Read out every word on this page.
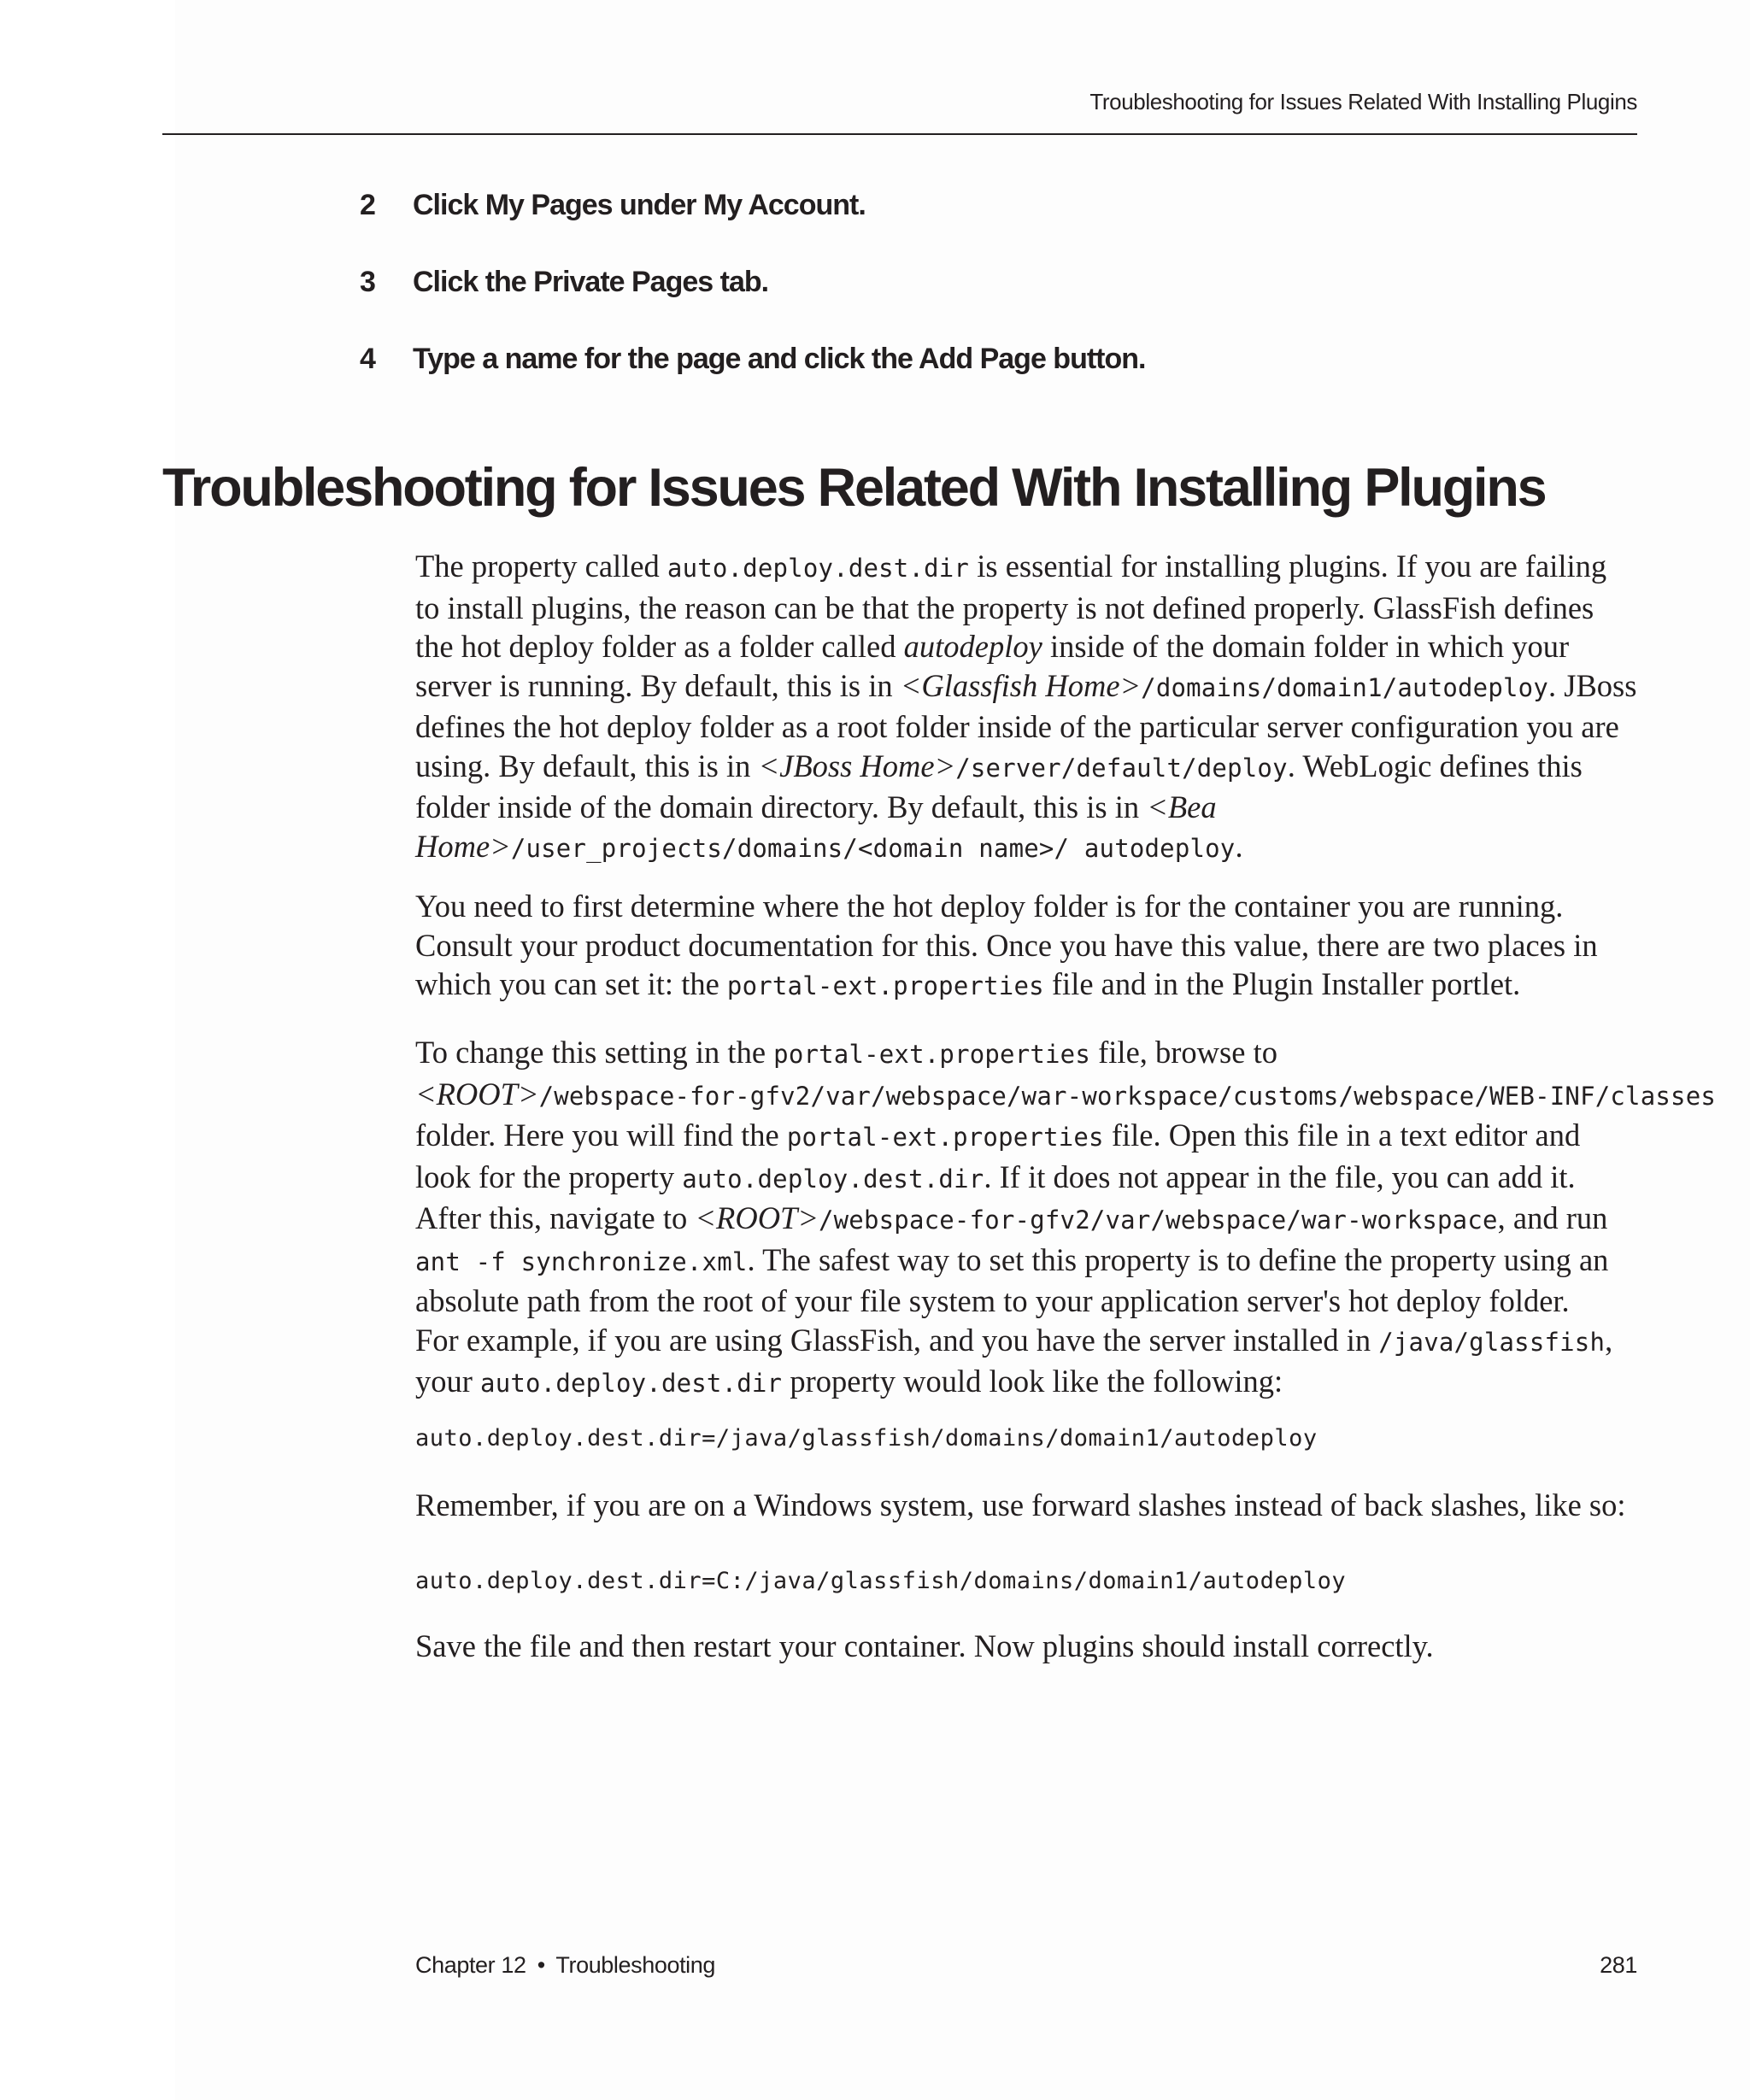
Troubleshooting for Issues Related With Installing Plugins
2	Click My Pages under My Account.
3	Click the Private Pages tab.
4	Type a name for the page and click the Add Page button.
Troubleshooting for Issues Related With Installing Plugins
The property called auto.deploy.dest.dir is essential for installing plugins. If you are failing
to install plugins, the reason can be that the property is not defined properly. GlassFish defines
the hot deploy folder as a folder called autodeploy inside of the domain folder in which your
server is running. By default, this is in <Glassfish Home>/domains/domain1/autodeploy. JBoss
defines the hot deploy folder as a root folder inside of the particular server configuration you are
using. By default, this is in <JBoss Home>/server/default/deploy. WebLogic defines this
folder inside of the domain directory. By default, this is in <Bea
Home>/user_projects/domains/<domain name>/ autodeploy.
You need to first determine where the hot deploy folder is for the container you are running.
Consult your product documentation for this. Once you have this value, there are two places in
which you can set it: the portal-ext.properties file and in the Plugin Installer portlet.
To change this setting in the portal-ext.properties file, browse to
<ROOT>/webspace-for-gfv2/var/webspace/war-workspace/customs/webspace/WEB-INF/classes
folder. Here you will find the portal-ext.properties file. Open this file in a text editor and
look for the property auto.deploy.dest.dir. If it does not appear in the file, you can add it.
After this, navigate to <ROOT>/webspace-for-gfv2/var/webspace/war-workspace, and run
ant -f synchronize.xml. The safest way to set this property is to define the property using an
absolute path from the root of your file system to your application server's hot deploy folder.
For example, if you are using GlassFish, and you have the server installed in /java/glassfish,
your auto.deploy.dest.dir property would look like the following:
auto.deploy.dest.dir=/java/glassfish/domains/domain1/autodeploy
Remember, if you are on a Windows system, use forward slashes instead of back slashes, like so:
auto.deploy.dest.dir=C:/java/glassfish/domains/domain1/autodeploy
Save the file and then restart your container. Now plugins should install correctly.
Chapter 12 • Troubleshooting	281
